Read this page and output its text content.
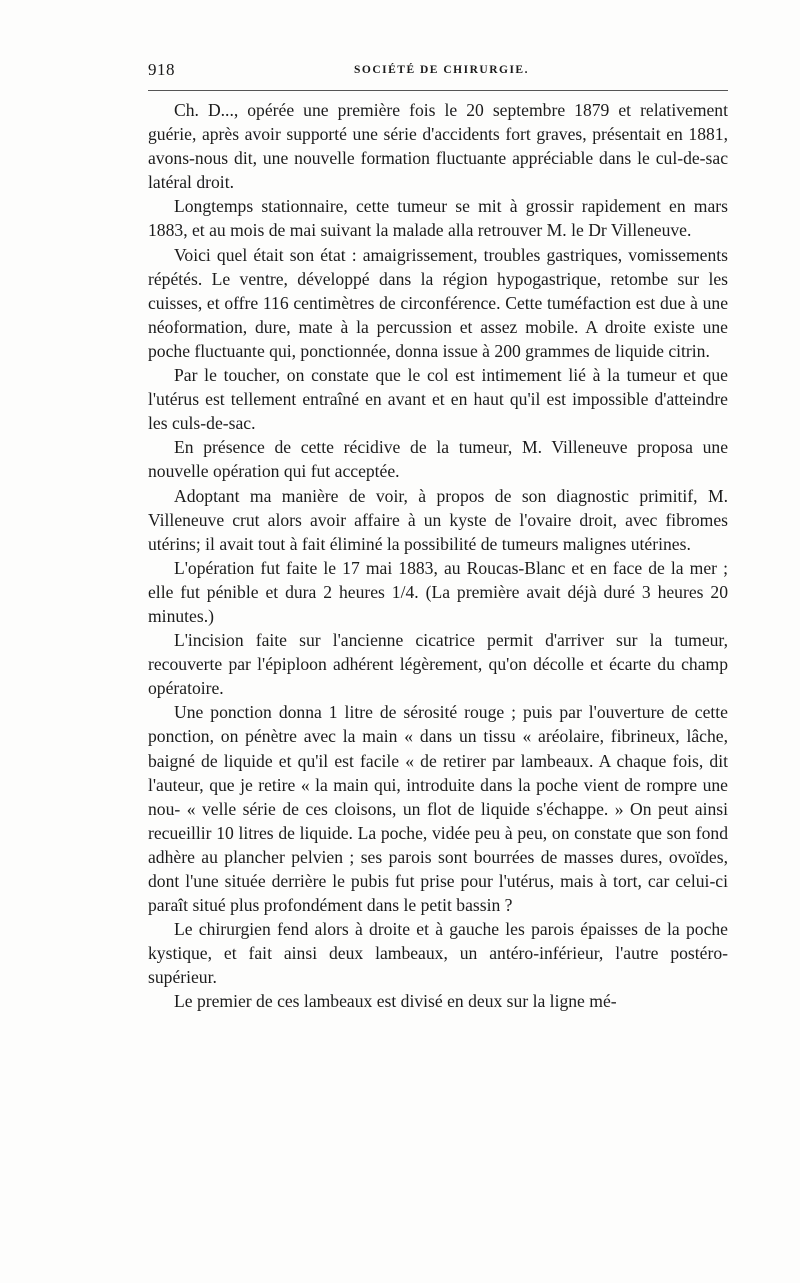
918	SOCIÉTÉ DE CHIRURGIE.

Ch. D..., opérée une première fois le 20 septembre 1879 et relativement guérie, après avoir supporté une série d'accidents fort graves, présentait en 1881, avons-nous dit, une nouvelle formation fluctuante appréciable dans le cul-de-sac latéral droit.

Longtemps stationnaire, cette tumeur se mit à grossir rapidement en mars 1883, et au mois de mai suivant la malade alla retrouver M. le Dr Villeneuve.

Voici quel était son état : amaigrissement, troubles gastriques, vomissements répétés. Le ventre, développé dans la région hypogastrique, retombe sur les cuisses, et offre 116 centimètres de circonférence. Cette tuméfaction est due à une néoformation, dure, mate à la percussion et assez mobile. A droite existe une poche fluctuante qui, ponctionnée, donna issue à 200 grammes de liquide citrin.

Par le toucher, on constate que le col est intimement lié à la tumeur et que l'utérus est tellement entraîné en avant et en haut qu'il est impossible d'atteindre les culs-de-sac.

En présence de cette récidive de la tumeur, M. Villeneuve proposa une nouvelle opération qui fut acceptée.

Adoptant ma manière de voir, à propos de son diagnostic primitif, M. Villeneuve crut alors avoir affaire à un kyste de l'ovaire droit, avec fibromes utérins; il avait tout à fait éliminé la possibilité de tumeurs malignes utérines.

L'opération fut faite le 17 mai 1883, au Roucas-Blanc et en face de la mer ; elle fut pénible et dura 2 heures 1/4. (La première avait déjà duré 3 heures 20 minutes.)

L'incision faite sur l'ancienne cicatrice permit d'arriver sur la tumeur, recouverte par l'épiploon adhérent légèrement, qu'on décolle et écarte du champ opératoire.

Une ponction donna 1 litre de sérosité rouge ; puis par l'ouverture de cette ponction, on pénètre avec la main « dans un tissu « aréolaire, fibrineux, lâche, baigné de liquide et qu'il est facile « de retirer par lambeaux. A chaque fois, dit l'auteur, que je retire « la main qui, introduite dans la poche vient de rompre une nou- « velle série de ces cloisons, un flot de liquide s'échappe. » On peut ainsi recueillir 10 litres de liquide. La poche, vidée peu à peu, on constate que son fond adhère au plancher pelvien ; ses parois sont bourrées de masses dures, ovoïdes, dont l'une située derrière le pubis fut prise pour l'utérus, mais à tort, car celui-ci paraît situé plus profondément dans le petit bassin ?

Le chirurgien fend alors à droite et à gauche les parois épaisses de la poche kystique, et fait ainsi deux lambeaux, un antéro-inférieur, l'autre postéro-supérieur.

Le premier de ces lambeaux est divisé en deux sur la ligne mé-
